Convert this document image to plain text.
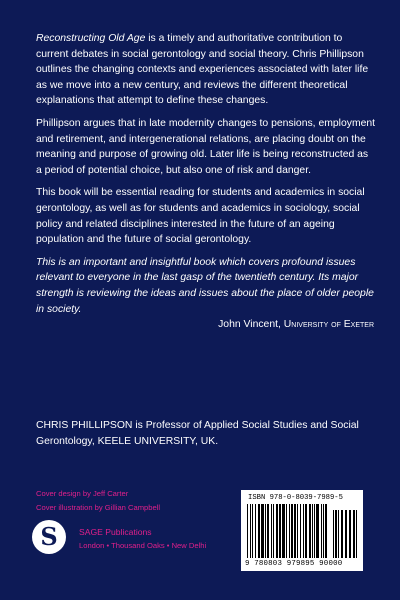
Reconstructing Old Age is a timely and authoritative contribution to current debates in social gerontology and social theory. Chris Phillipson outlines the changing contexts and experiences associated with later life as we move into a new century, and reviews the different theoretical explanations that attempt to define these changes.

Phillipson argues that in late modernity changes to pensions, employment and retirement, and intergenerational relations, are placing doubt on the meaning and purpose of growing old. Later life is being reconstructed as a period of potential choice, but also one of risk and danger.

This book will be essential reading for students and academics in social gerontology, as well as for students and academics in sociology, social policy and related disciplines interested in the future of an ageing population and the future of social gerontology.

This is an important and insightful book which covers profound issues relevant to everyone in the last gasp of the twentieth century. Its major strength is reviewing the ideas and issues about the place of older people in society.

John Vincent, University of Exeter

CHRIS PHILLIPSON is Professor of Applied Social Studies and Social Gerontology, KEELE UNIVERSITY, UK.

Cover design by Jeff Carter
Cover illustration by Gillian Campbell
S SAGE Publications
London • Thousand Oaks • New Delhi
ISBN 978-0-8039-7989-5
9 780803 979895 90000
